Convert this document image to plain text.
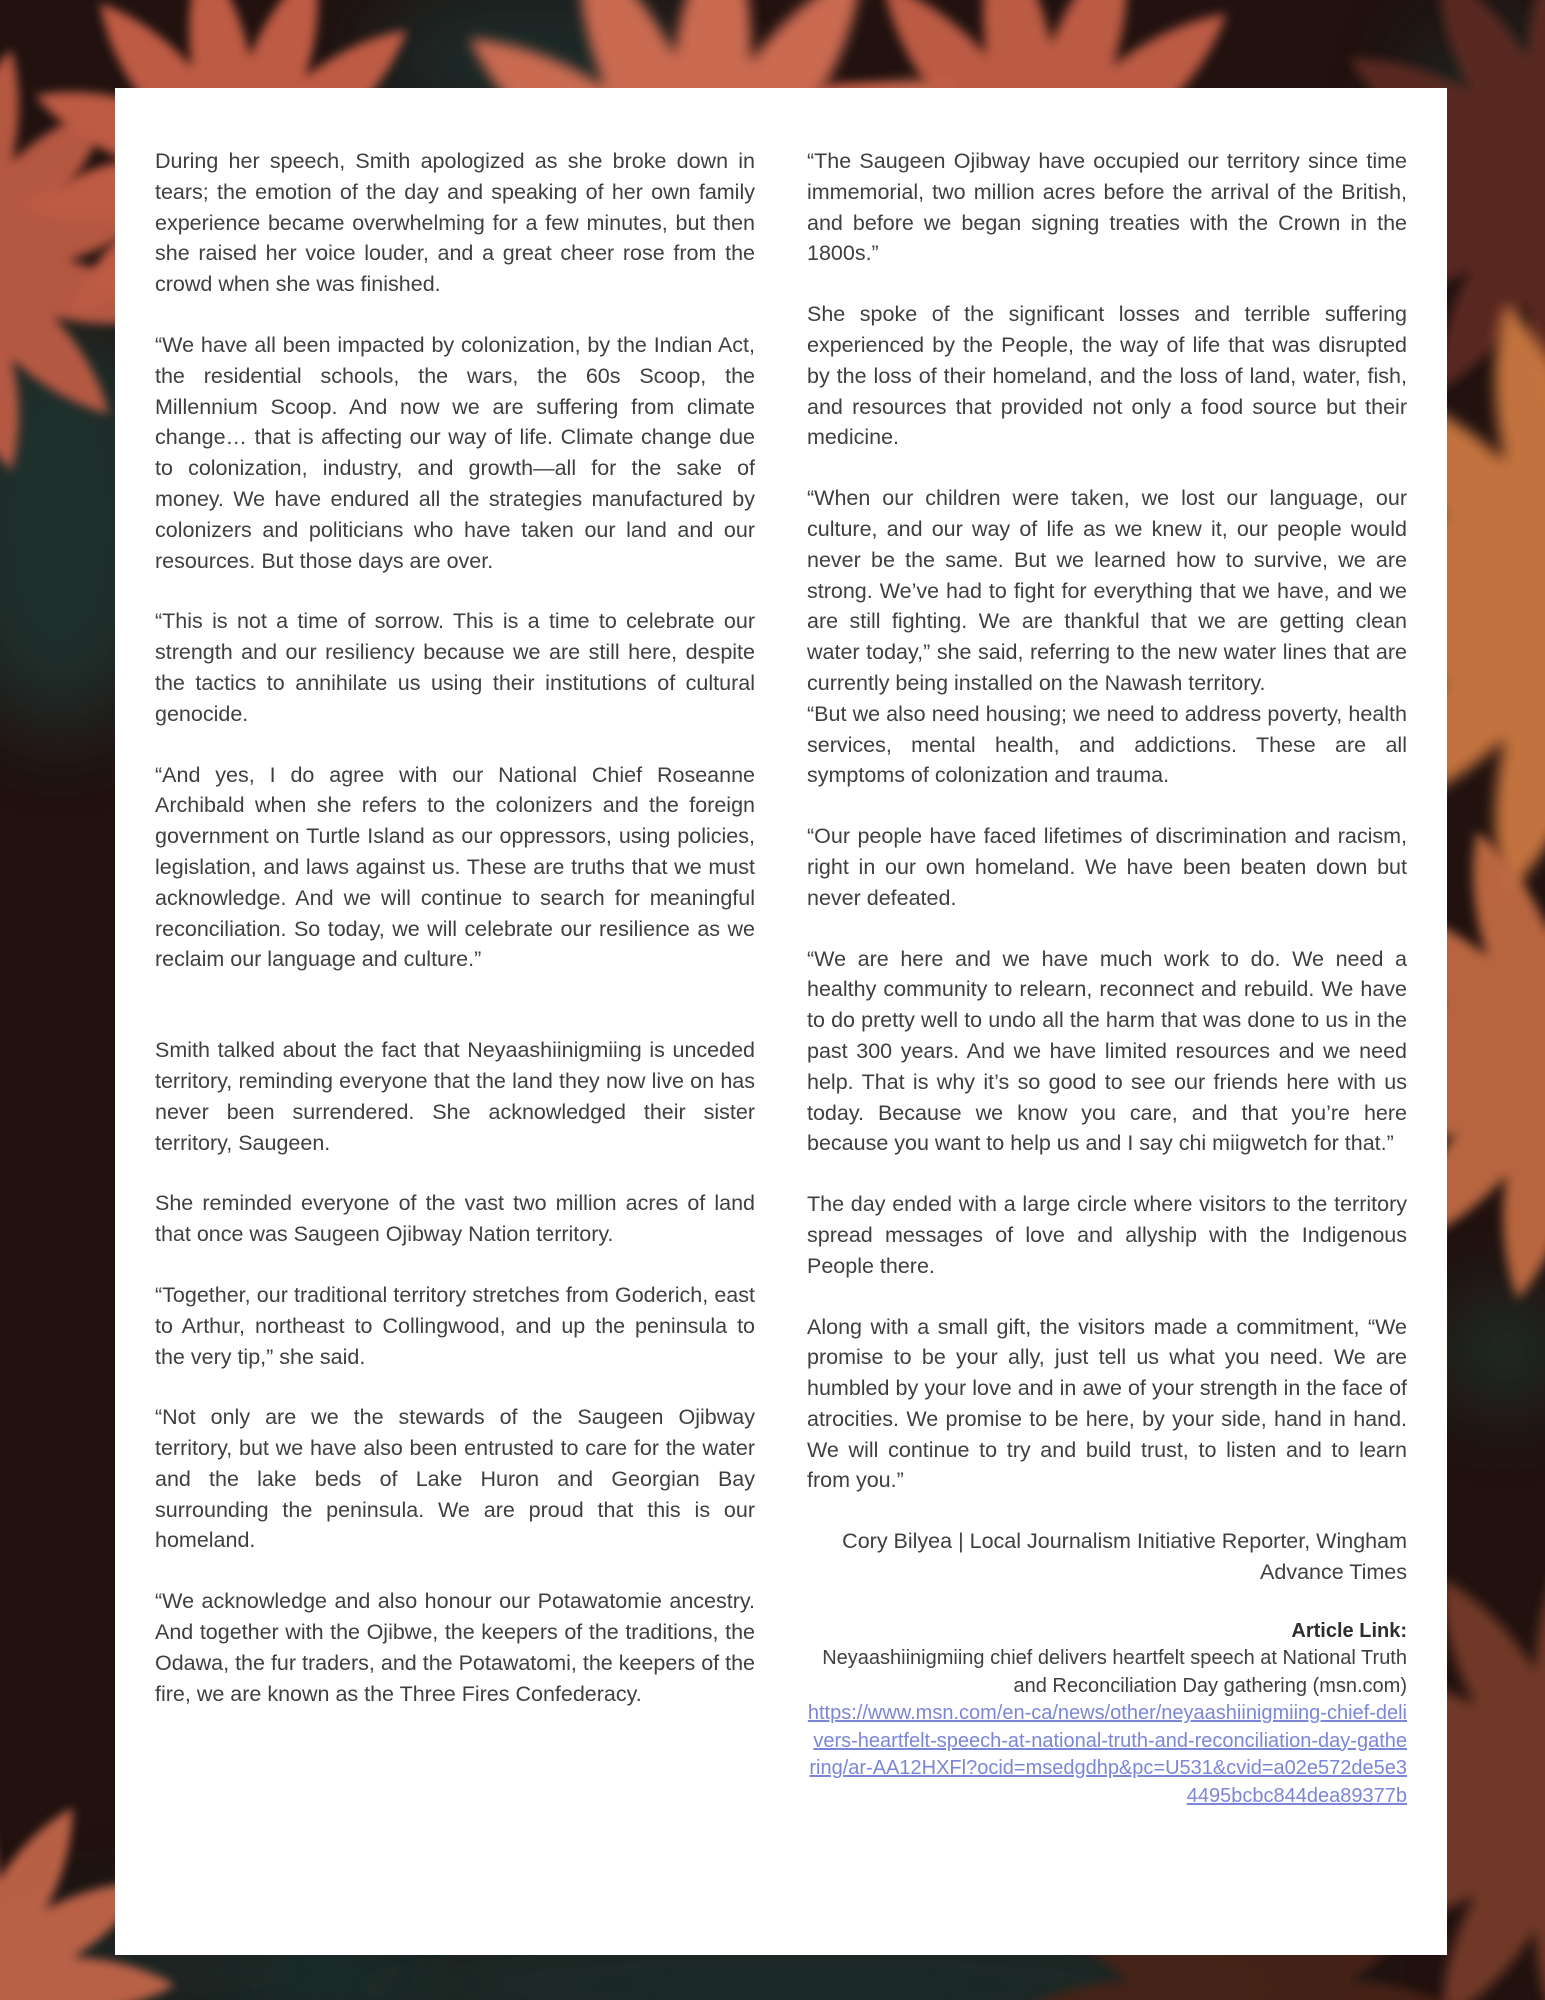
During her speech, Smith apologized as she broke down in tears; the emotion of the day and speaking of her own family experience became overwhelming for a few minutes, but then she raised her voice louder, and a great cheer rose from the crowd when she was finished.

“We have all been impacted by colonization, by the Indian Act, the residential schools, the wars, the 60s Scoop, the Millennium Scoop. And now we are suffering from climate change… that is affecting our way of life. Climate change due to colonization, industry, and growth—all for the sake of money. We have endured all the strategies manufactured by colonizers and politicians who have taken our land and our resources. But those days are over.

“This is not a time of sorrow. This is a time to celebrate our strength and our resiliency because we are still here, despite the tactics to annihilate us using their institutions of cultural genocide.

“And yes, I do agree with our National Chief Roseanne Archibald when she refers to the colonizers and the foreign government on Turtle Island as our oppressors, using policies, legislation, and laws against us. These are truths that we must acknowledge. And we will continue to search for meaningful reconciliation. So today, we will celebrate our resilience as we reclaim our language and culture.”

Smith talked about the fact that Neyaashiinigmiing is unceded territory, reminding everyone that the land they now live on has never been surrendered. She acknowledged their sister territory, Saugeen.

She reminded everyone of the vast two million acres of land that once was Saugeen Ojibway Nation territory.

“Together, our traditional territory stretches from Goderich, east to Arthur, northeast to Collingwood, and up the peninsula to the very tip,” she said.

“Not only are we the stewards of the Saugeen Ojibway territory, but we have also been entrusted to care for the water and the lake beds of Lake Huron and Georgian Bay surrounding the peninsula. We are proud that this is our homeland.

“We acknowledge and also honour our Potawatomie ancestry. And together with the Ojibwe, the keepers of the traditions, the Odawa, the fur traders, and the Potawatomi, the keepers of the fire, we are known as the Three Fires Confederacy.

“The Saugeen Ojibway have occupied our territory since time immemorial, two million acres before the arrival of the British, and before we began signing treaties with the Crown in the 1800s.”

She spoke of the significant losses and terrible suffering experienced by the People, the way of life that was disrupted by the loss of their homeland, and the loss of land, water, fish, and resources that provided not only a food source but their medicine.

“When our children were taken, we lost our language, our culture, and our way of life as we knew it, our people would never be the same. But we learned how to survive, we are strong. We’ve had to fight for everything that we have, and we are still fighting. We are thankful that we are getting clean water today,” she said, referring to the new water lines that are currently being installed on the Nawash territory.

“But we also need housing; we need to address poverty, health services, mental health, and addictions. These are all symptoms of colonization and trauma.

“Our people have faced lifetimes of discrimination and racism, right in our own homeland. We have been beaten down but never defeated.

“We are here and we have much work to do. We need a healthy community to relearn, reconnect and rebuild. We have to do pretty well to undo all the harm that was done to us in the past 300 years. And we have limited resources and we need help. That is why it’s so good to see our friends here with us today. Because we know you care, and that you’re here because you want to help us and I say chi miigwetch for that.”

The day ended with a large circle where visitors to the territory spread messages of love and allyship with the Indigenous People there.

Along with a small gift, the visitors made a commitment, “We promise to be your ally, just tell us what you need. We are humbled by your love and in awe of your strength in the face of atrocities. We promise to be here, by your side, hand in hand. We will continue to try and build trust, to listen and to learn from you.”

Cory Bilyea | Local Journalism Initiative Reporter, Wingham Advance Times

Article Link:

Neyaashiinigmiing chief delivers heartfelt speech at National Truth and Reconciliation Day gathering (msn.com)

https://www.msn.com/en-ca/news/other/neyaashiinigmiing-chief-delivers-heartfelt-speech-at-national-truth-and-reconciliation-day-gathering/ar-AA12HXFl?ocid=msedgdhp&pc=U531&cvid=a02e572de5e34495bcbc844dea89377b
